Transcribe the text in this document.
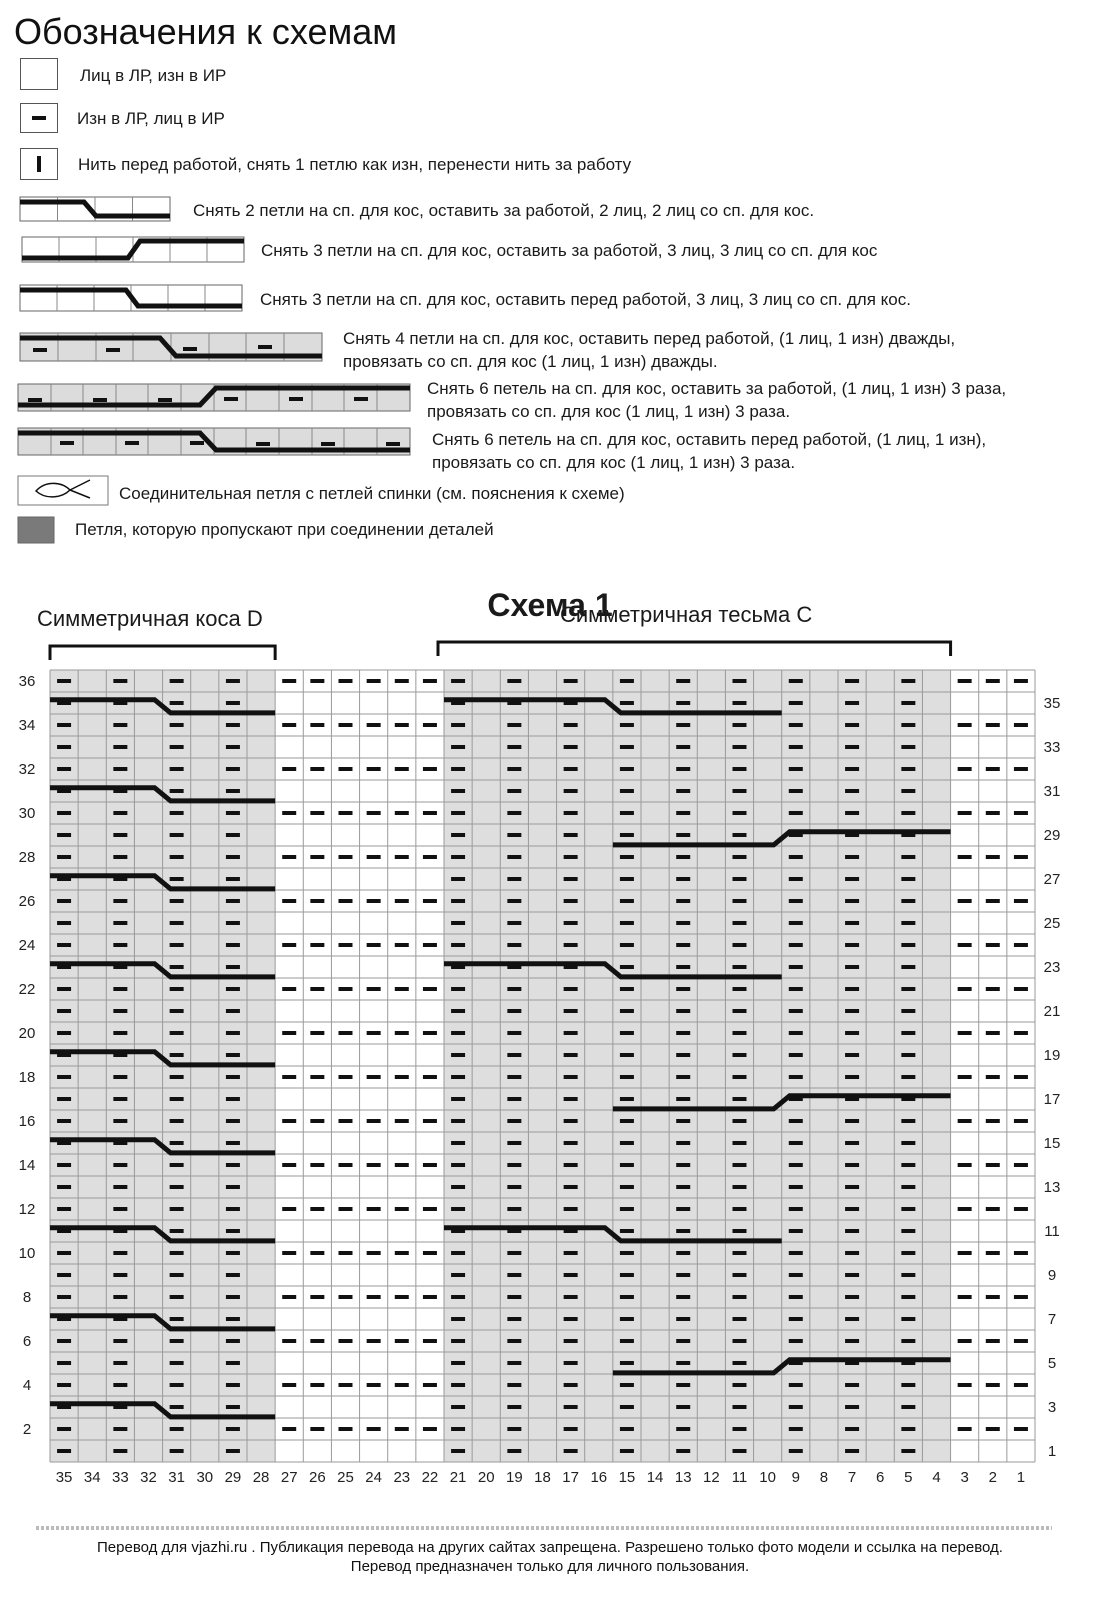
Обозначения к схемам
Лиц в ЛР, изн в ИР
Изн в ЛР, лиц в ИР
Нить перед работой, снять 1 петлю как изн, перенести нить за работу
Снять 2 петли на сп. для кос, оставить за работой, 2 лиц, 2 лиц со сп. для кос.
Снять 3 петли на сп. для кос, оставить за работой, 3 лиц, 3 лиц со сп. для кос
Снять 3 петли на сп. для кос, оставить перед работой, 3 лиц, 3 лиц со сп. для кос.
Снять 4 петли на сп. для кос, оставить перед работой, (1 лиц, 1 изн) дважды,
провязать со сп. для кос (1 лиц, 1 изн) дважды.
Снять 6 петель на сп. для кос, оставить за работой, (1 лиц, 1 изн) 3 раза,
провязать со сп. для кос (1 лиц, 1 изн) 3 раза.
Снять 6 петель на сп. для кос, оставить перед работой, (1 лиц, 1 изн),
провязать со сп. для кос (1 лиц, 1 изн) 3 раза.
Соединительная петля с петлей спинки (см. пояснения к схеме)
Петля, которую пропускают при соединении деталей
Схема 1
Симметричная коса D	Симметричная тесьма C
35 34 33 32 31 30 29 28 27 26 25 24 23 22 21 20 19 18 17 16 15 14 13 12 11 10 9 8 7 6 5 4 3 2 1
36
34
32
30
28
26
24
22
20
18
16
14
12
10
8
6
4
2
35
33
31
29
27
25
23
21
19
17
15
13
11
9
7
5
3
1
Перевод для vjazhi.ru . Публикация перевода на других сайтах запрещена. Разрешено только фото модели и ссылка на перевод.
Перевод предназначен только для личного пользования.
